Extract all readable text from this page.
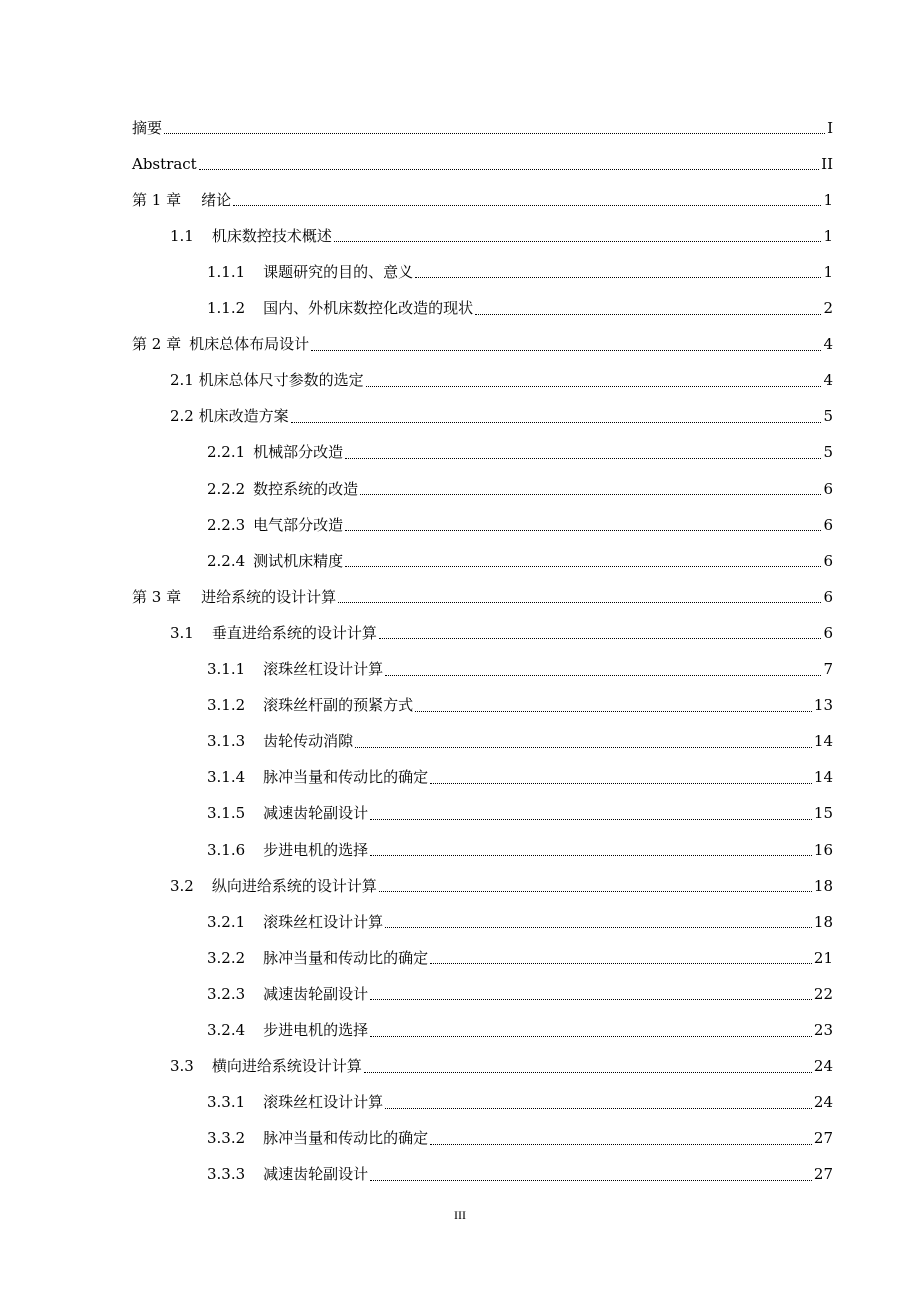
摘要	I
Abstract	II
第 1 章 绪论	1
1.1 机床数控技术概述	1
1.1.1 课题研究的目的、意义	1
1.1.2 国内、外机床数控化改造的现状	2
第 2 章 机床总体布局设计	4
2.1 机床总体尺寸参数的选定	4
2.2 机床改造方案	5
2.2.1 机械部分改造	5
2.2.2 数控系统的改造	6
2.2.3 电气部分改造	6
2.2.4 测试机床精度	6
第 3 章 进给系统的设计计算	6
3.1 垂直进给系统的设计计算	6
3.1.1 滚珠丝杠设计计算	7
3.1.2 滚珠丝杆副的预紧方式	13
3.1.3 齿轮传动消隙	14
3.1.4 脉冲当量和传动比的确定	14
3.1.5 减速齿轮副设计	15
3.1.6 步进电机的选择	16
3.2 纵向进给系统的设计计算	18
3.2.1 滚珠丝杠设计计算	18
3.2.2 脉冲当量和传动比的确定	21
3.2.3 减速齿轮副设计	22
3.2.4 步进电机的选择	23
3.3 横向进给系统设计计算	24
3.3.1 滚珠丝杠设计计算	24
3.3.2 脉冲当量和传动比的确定	27
3.3.3 减速齿轮副设计	27
III
